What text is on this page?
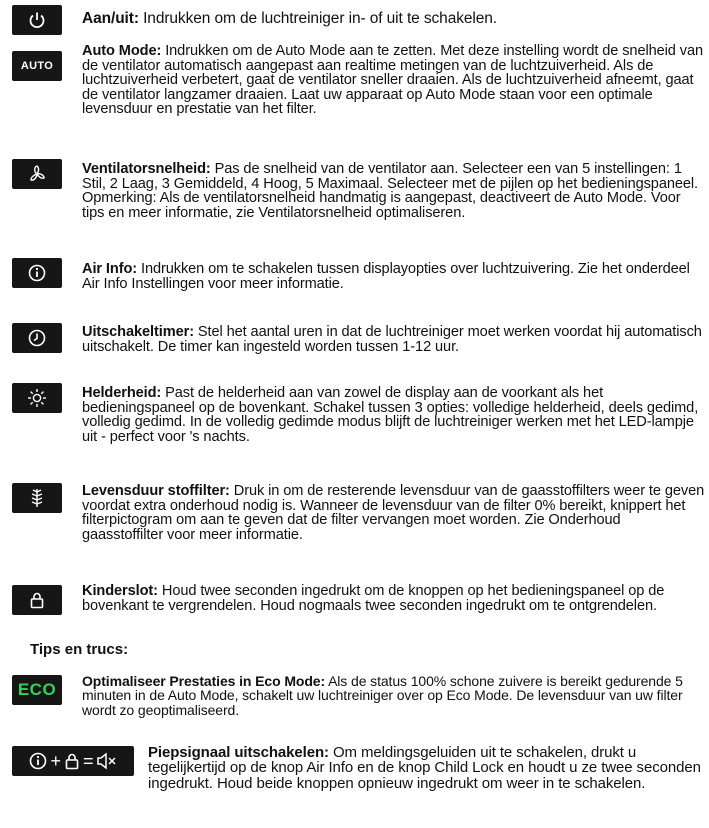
Aan/uit: Indrukken om de luchtreiniger in- of uit te schakelen.
AUTO
Auto Mode: Indrukken om de Auto Mode aan te zetten. Met deze instelling wordt de snelheid van de ventilator automatisch aangepast aan realtime metingen van de luchtzuiverheid. Als de luchtzuiverheid verbetert, gaat de ventilator sneller draaien. Als de luchtzuiverheid afneemt, gaat de ventilator langzamer draaien. Laat uw apparaat op Auto Mode staan voor een optimale levensduur en prestatie van het filter.
Ventilatorsnelheid: Pas de snelheid van de ventilator aan. Selecteer een van 5 instellingen: 1 Stil, 2 Laag, 3 Gemiddeld, 4 Hoog, 5 Maximaal. Selecteer met de pijlen op het bedieningspaneel. Opmerking: Als de ventilatorsnelheid handmatig is aangepast, deactiveert de Auto Mode. Voor tips en meer informatie, zie Ventilatorsnelheid optimaliseren.
Air Info: Indrukken om te schakelen tussen displayopties over luchtzuivering. Zie het onderdeel Air Info Instellingen voor meer informatie.
Uitschakeltimer: Stel het aantal uren in dat de luchtreiniger moet werken voordat hij automatisch uitschakelt. De timer kan ingesteld worden tussen 1-12 uur.
Helderheid: Past de helderheid aan van zowel de display aan de voorkant als het bedieningspaneel op de bovenkant. Schakel tussen 3 opties: volledige helderheid, deels gedimd, volledig gedimd. In de volledig gedimde modus blijft de luchtreiniger werken met het LED-lampje uit - perfect voor 's nachts.
Levensduur stoffilter: Druk in om de resterende levensduur van de gaasstoffilters weer te geven voordat extra onderhoud nodig is. Wanneer de levensduur van de filter 0% bereikt, knippert het filterpictogram om aan te geven dat de filter vervangen moet worden. Zie Onderhoud gaasstoffilter voor meer informatie.
Kinderslot: Houd twee seconden ingedrukt om de knoppen op het bedieningspaneel op de bovenkant te vergrendelen. Houd nogmaals twee seconden ingedrukt om te ontgrendelen.
Tips en trucs:
ECO Optimaliseer Prestaties in Eco Mode: Als de status 100% schone zuivere is bereikt gedurende 5 minuten in de Auto Mode, schakelt uw luchtreiniger over op Eco Mode. De levensduur van uw filter wordt zo geoptimaliseerd.
+ =	Piepsignaal uitschakelen: Om meldingsgeluiden uit te schakelen, drukt u tegelijkertijd op de knop Air Info en de knop Child Lock en houdt u ze twee seconden ingedrukt. Houd beide knoppen opnieuw ingedrukt om weer in te schakelen.
